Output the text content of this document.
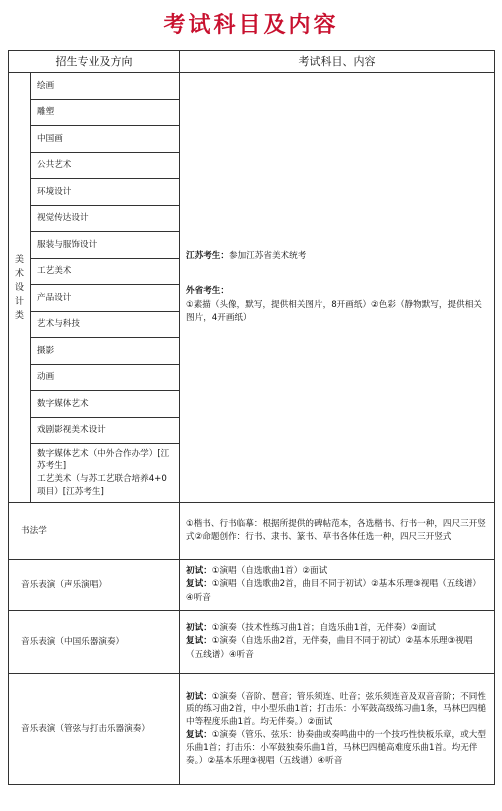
考试科目及内容
招生专业及方向		考试科目、内容

美术设计类	绘画	江苏考生：参加江苏省美术统考
外省考生：
①素描（头像，默写，提供相关图片，8开画纸）②色彩（静物默写，提供相关图片，4开画纸）

	雕塑	
	中国画	
	公共艺术	
	环境设计	
	视觉传达设计	
	服装与服饰设计	
	工艺美术	
	产品设计	
	艺术与科技	
	摄影	
	动画	
	数字媒体艺术	
	戏剧影视美术设计	

	数字媒体艺术（中外合作办学）[江苏考生]
工艺美术（与苏工艺联合培养4+0项目）[江苏考生]	

书法学		①楷书、行书临摹：根据所提供的碑帖范本，各选楷书、行书一种，四尺三开竖式②命题创作：行书、隶书、篆书、草书各体任选一种，四尺三开竖式
音乐表演（声乐演唱）		初试：①演唱（自选歌曲1首）②面试
复试：①演唱（自选歌曲2首，曲目不同于初试）②基本乐理③视唱（五线谱）④听音
音乐表演（中国乐器演奏）		初试：①演奏（技术性练习曲1首；自选乐曲1首，无伴奏）②面试
复试：①演奏（自选乐曲2首，无伴奏，曲目不同于初试）②基本乐理③视唱（五线谱）④听音
音乐表演（管弦与打击乐器演奏）		初试：①演奏（音阶、琶音；管乐须连、吐音；弦乐须连音及双音音阶；不同性质的练习曲2首，中小型乐曲1首；打击乐：小军鼓高级练习曲1条，马林巴四槌中等程度乐曲1首。均无伴奏。）②面试
复试：①演奏（管乐、弦乐：协奏曲或奏鸣曲中的一个技巧性快板乐章，或大型乐曲1首；打击乐：小军鼓独奏乐曲1首，马林巴四槌高难度乐曲1首。均无伴奏。）②基本乐理③视唱（五线谱）④听音
